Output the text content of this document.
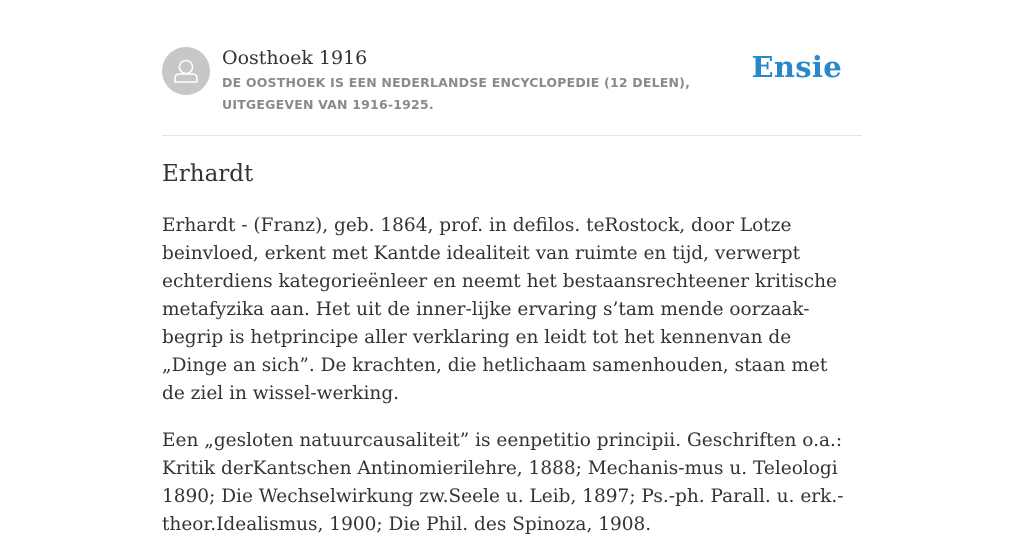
Oosthoek 1916
DE OOSTHOEK IS EEN NEDERLANDSE ENCYCLOPEDIE (12 DELEN), UITGEGEVEN VAN 1916-1925.
Ensie
Erhardt

Erhardt - (Franz), geb. 1864, prof. in defilos. teRostock, door Lotze beinvloed, erkent met Kantde idealiteit van ruimte en tijd, verwerpt echterdiens kategorieënleer en neemt het bestaansrechteener kritische metafyzika aan. Het uit de inner-lijke ervaring s’tam mende oorzaak-begrip is hetprincipe aller verklaring en leidt tot het kennenvan de „Dinge an sich”. De krachten, die hetlichaam samenhouden, staan met de ziel in wissel-werking.

Een „gesloten natuurcausaliteit” is eenpetitio principii. Geschriften o.a.: Kritik derKantschen Antinomierilehre, 1888; Mechanis-mus u. Teleologi 1890; Die Wechselwirkung zw.Seele u. Leib, 1897; Ps.-ph. Parall. u. erk.-theor.Idealismus, 1900; Die Phil. des Spinoza, 1908.
